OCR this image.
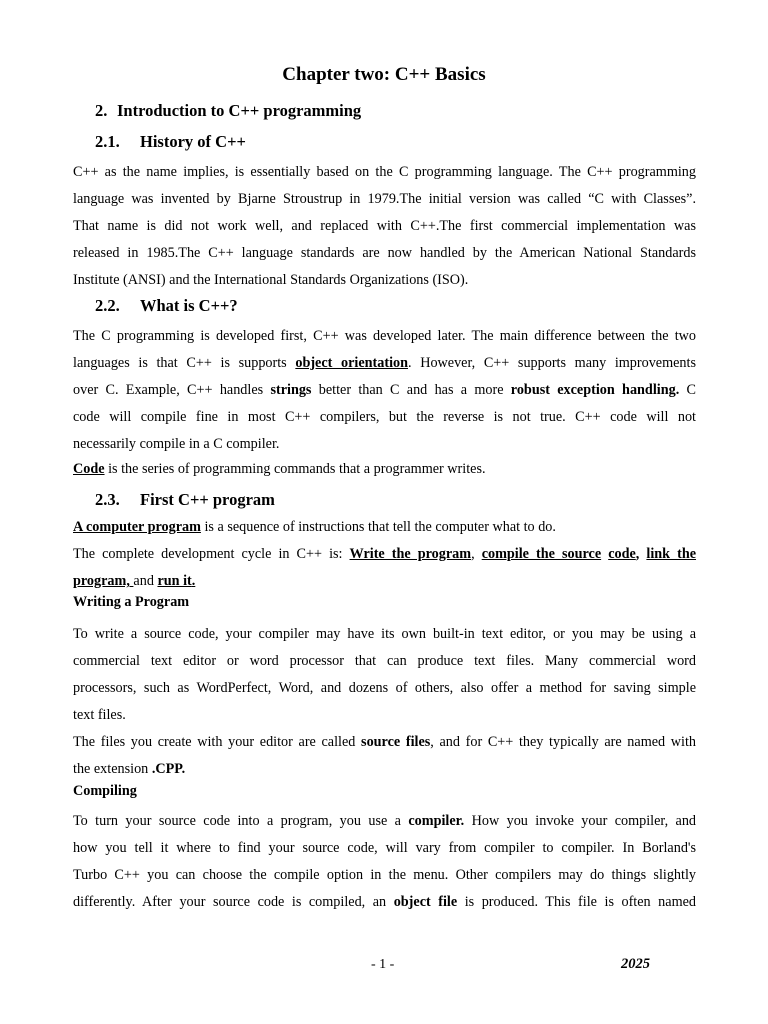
Chapter two: C++ Basics
2. Introduction to C++ programming
2.1. History of C++
C++ as the name implies, is essentially based on the C programming language. The C++ programming
language was invented by Bjarne Stroustrup in 1979.The initial version was called “C with Classes”.
That name is did not work well, and replaced with C++.The first commercial implementation was
released in 1985.The C++ language standards are now handled by the American National Standards
Institute (ANSI) and the International Standards Organizations (ISO).
2.2. What is C++?
The C programming is developed first, C++ was developed later. The main difference between the two
languages is that C++ is supports object orientation. However, C++ supports many improvements
over C. Example, C++ handles strings better than C and has a more robust exception handling. C
code will compile fine in most C++ compilers, but the reverse is not true. C++ code will not
necessarily compile in a C compiler.
Code is the series of programming commands that a programmer writes.
2.3. First C++ program
A computer program is a sequence of instructions that tell the computer what to do.
The complete development cycle in C++ is: Write the program, compile the source code, link the
program, and run it.
Writing a Program
To write a source code, your compiler may have its own built-in text editor, or you may be using a
commercial text editor or word processor that can produce text files. Many commercial word
processors, such as WordPerfect, Word, and dozens of others, also offer a method for saving simple
text files.
The files you create with your editor are called source files, and for C++ they typically are named with
the extension .CPP.
Compiling
To turn your source code into a program, you use a compiler. How you invoke your compiler, and
how you tell it where to find your source code, will vary from compiler to compiler. In Borland's
Turbo C++ you can choose the compile option in the menu. Other compilers may do things slightly
differently. After your source code is compiled, an object file is produced. This file is often named
- 1 -	2025
